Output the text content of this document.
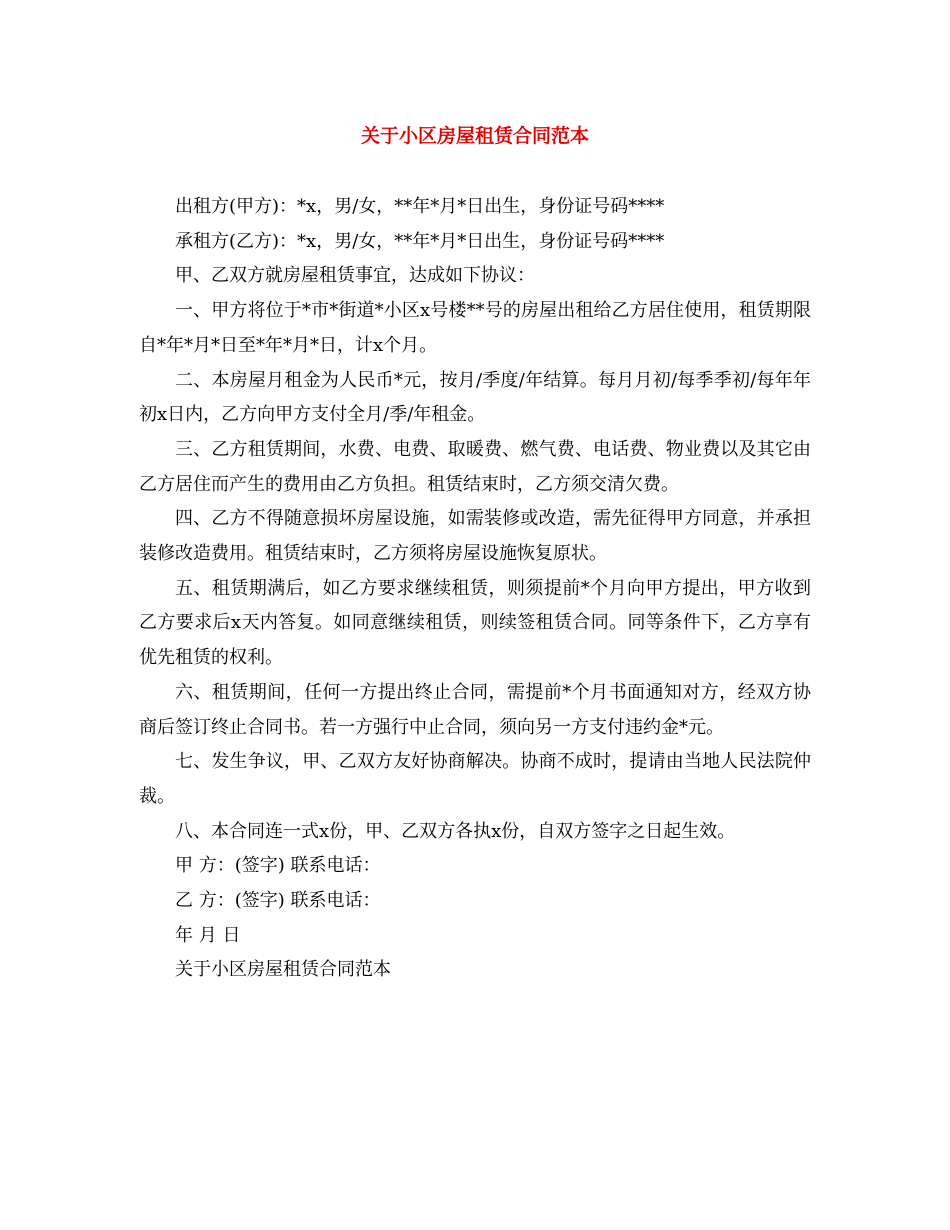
关于小区房屋租赁合同范本

出租方(甲方)：*x，男/女，**年*月*日出生，身份证号码****

承租方(乙方)：*x，男/女，**年*月*日出生，身份证号码****

甲、乙双方就房屋租赁事宜，达成如下协议：

一、甲方将位于*市*街道*小区x号楼**号的房屋出租给乙方居住使用，租赁期限自*年*月*日至*年*月*日，计x个月。

二、本房屋月租金为人民币*元，按月/季度/年结算。每月月初/每季季初/每年年初x日内，乙方向甲方支付全月/季/年租金。

三、乙方租赁期间，水费、电费、取暖费、燃气费、电话费、物业费以及其它由乙方居住而产生的费用由乙方负担。租赁结束时，乙方须交清欠费。

四、乙方不得随意损坏房屋设施，如需装修或改造，需先征得甲方同意，并承担装修改造费用。租赁结束时，乙方须将房屋设施恢复原状。

五、租赁期满后，如乙方要求继续租赁，则须提前*个月向甲方提出，甲方收到乙方要求后x天内答复。如同意继续租赁，则续签租赁合同。同等条件下，乙方享有优先租赁的权利。

六、租赁期间，任何一方提出终止合同，需提前*个月书面通知对方，经双方协商后签订终止合同书。若一方强行中止合同，须向另一方支付违约金*元。

七、发生争议，甲、乙双方友好协商解决。协商不成时，提请由当地人民法院仲裁。

八、本合同连一式x份，甲、乙双方各执x份，自双方签字之日起生效。

甲 方：(签字) 联系电话：

乙 方：(签字) 联系电话：

年 月 日

关于小区房屋租赁合同范本
